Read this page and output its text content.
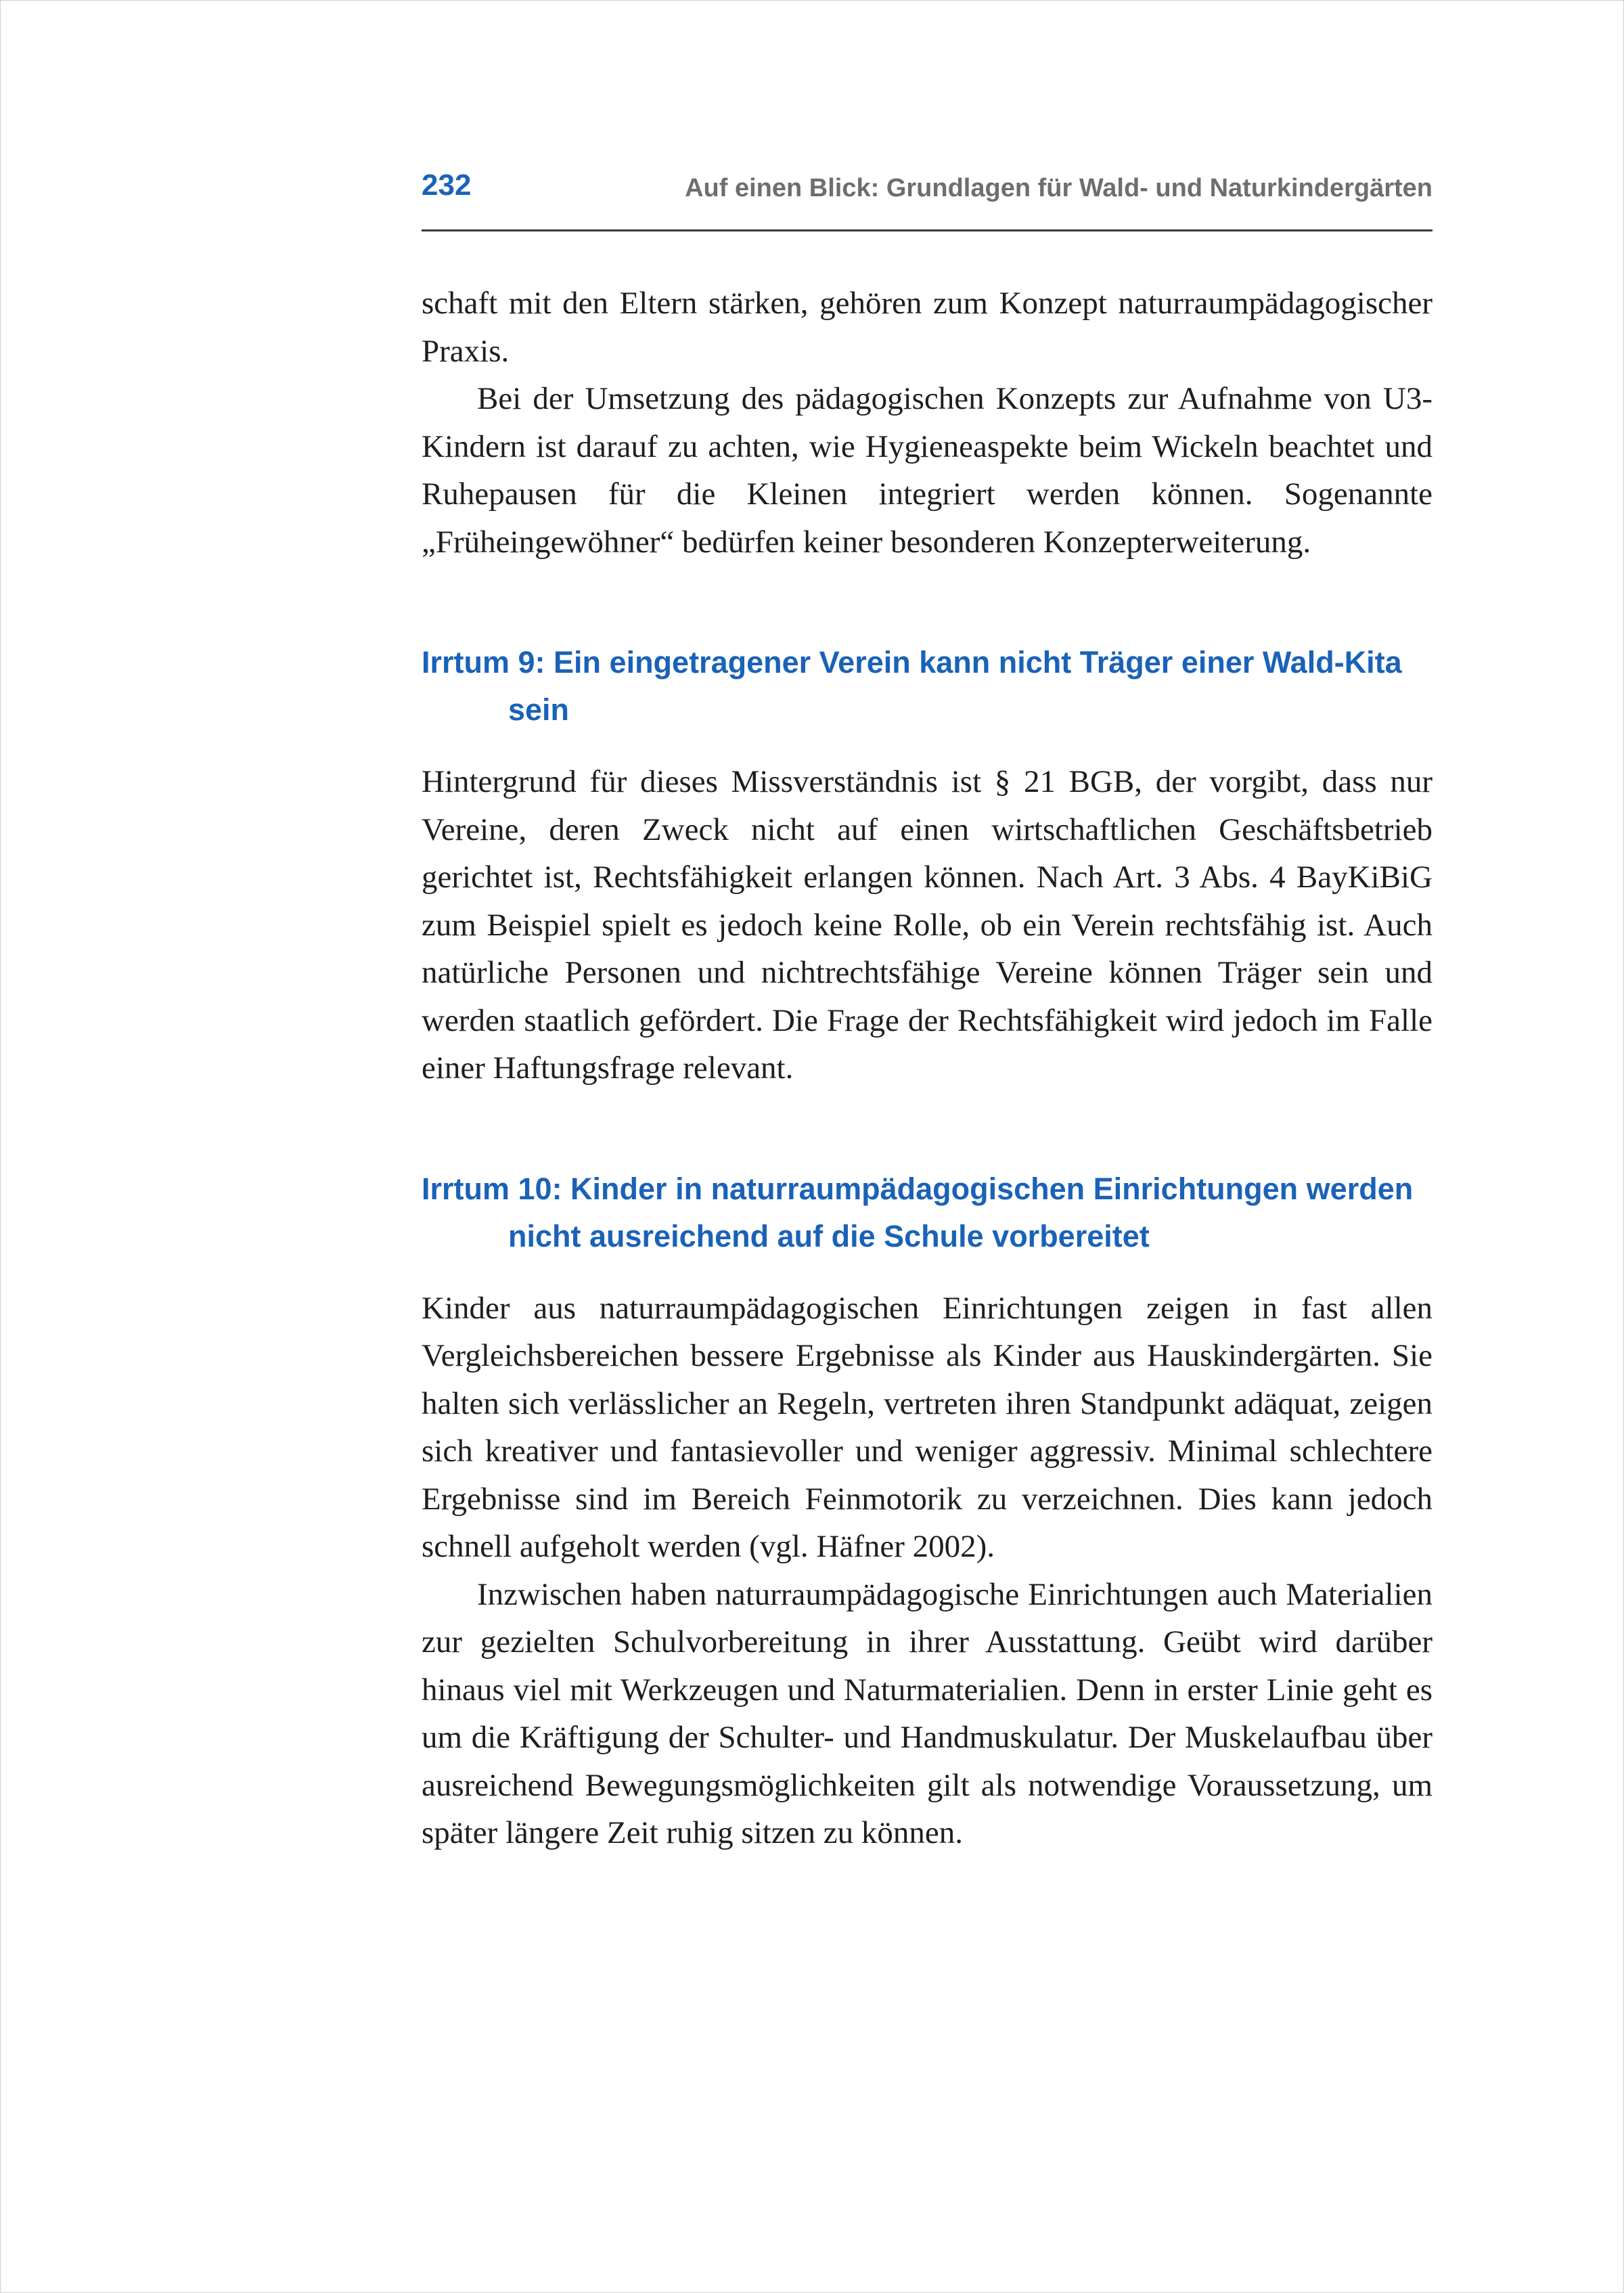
232	Auf einen Blick: Grundlagen für Wald- und Naturkindergärten

schaft mit den Eltern stärken, gehören zum Konzept naturraumpädagogischer Praxis.

Bei der Umsetzung des pädagogischen Konzepts zur Aufnahme von U3-Kindern ist darauf zu achten, wie Hygieneaspekte beim Wickeln beachtet und Ruhepausen für die Kleinen integriert werden können. Sogenannte „Früheingewöhner“ bedürfen keiner besonderen Konzepterweiterung.

Irrtum 9: Ein eingetragener Verein kann nicht Träger einer Wald-Kita sein

Hintergrund für dieses Missverständnis ist § 21 BGB, der vorgibt, dass nur Vereine, deren Zweck nicht auf einen wirtschaftlichen Geschäftsbetrieb gerichtet ist, Rechtsfähigkeit erlangen können. Nach Art. 3 Abs. 4 BayKiBiG zum Beispiel spielt es jedoch keine Rolle, ob ein Verein rechtsfähig ist. Auch natürliche Personen und nichtrechtsfähige Vereine können Träger sein und werden staatlich gefördert. Die Frage der Rechtsfähigkeit wird jedoch im Falle einer Haftungsfrage relevant.

Irrtum 10: Kinder in naturraumpädagogischen Einrichtungen werden nicht ausreichend auf die Schule vorbereitet

Kinder aus naturraumpädagogischen Einrichtungen zeigen in fast allen Vergleichsbereichen bessere Ergebnisse als Kinder aus Hauskindergärten. Sie halten sich verlässlicher an Regeln, vertreten ihren Standpunkt adäquat, zeigen sich kreativer und fantasievoller und weniger aggressiv. Minimal schlechtere Ergebnisse sind im Bereich Feinmotorik zu verzeichnen. Dies kann jedoch schnell aufgeholt werden (vgl. Häfner 2002).

Inzwischen haben naturraumpädagogische Einrichtungen auch Materialien zur gezielten Schulvorbereitung in ihrer Ausstattung. Geübt wird darüber hinaus viel mit Werkzeugen und Naturmaterialien. Denn in erster Linie geht es um die Kräftigung der Schulter- und Handmuskulatur. Der Muskelaufbau über ausreichend Bewegungsmöglichkeiten gilt als notwendige Voraussetzung, um später längere Zeit ruhig sitzen zu können.
